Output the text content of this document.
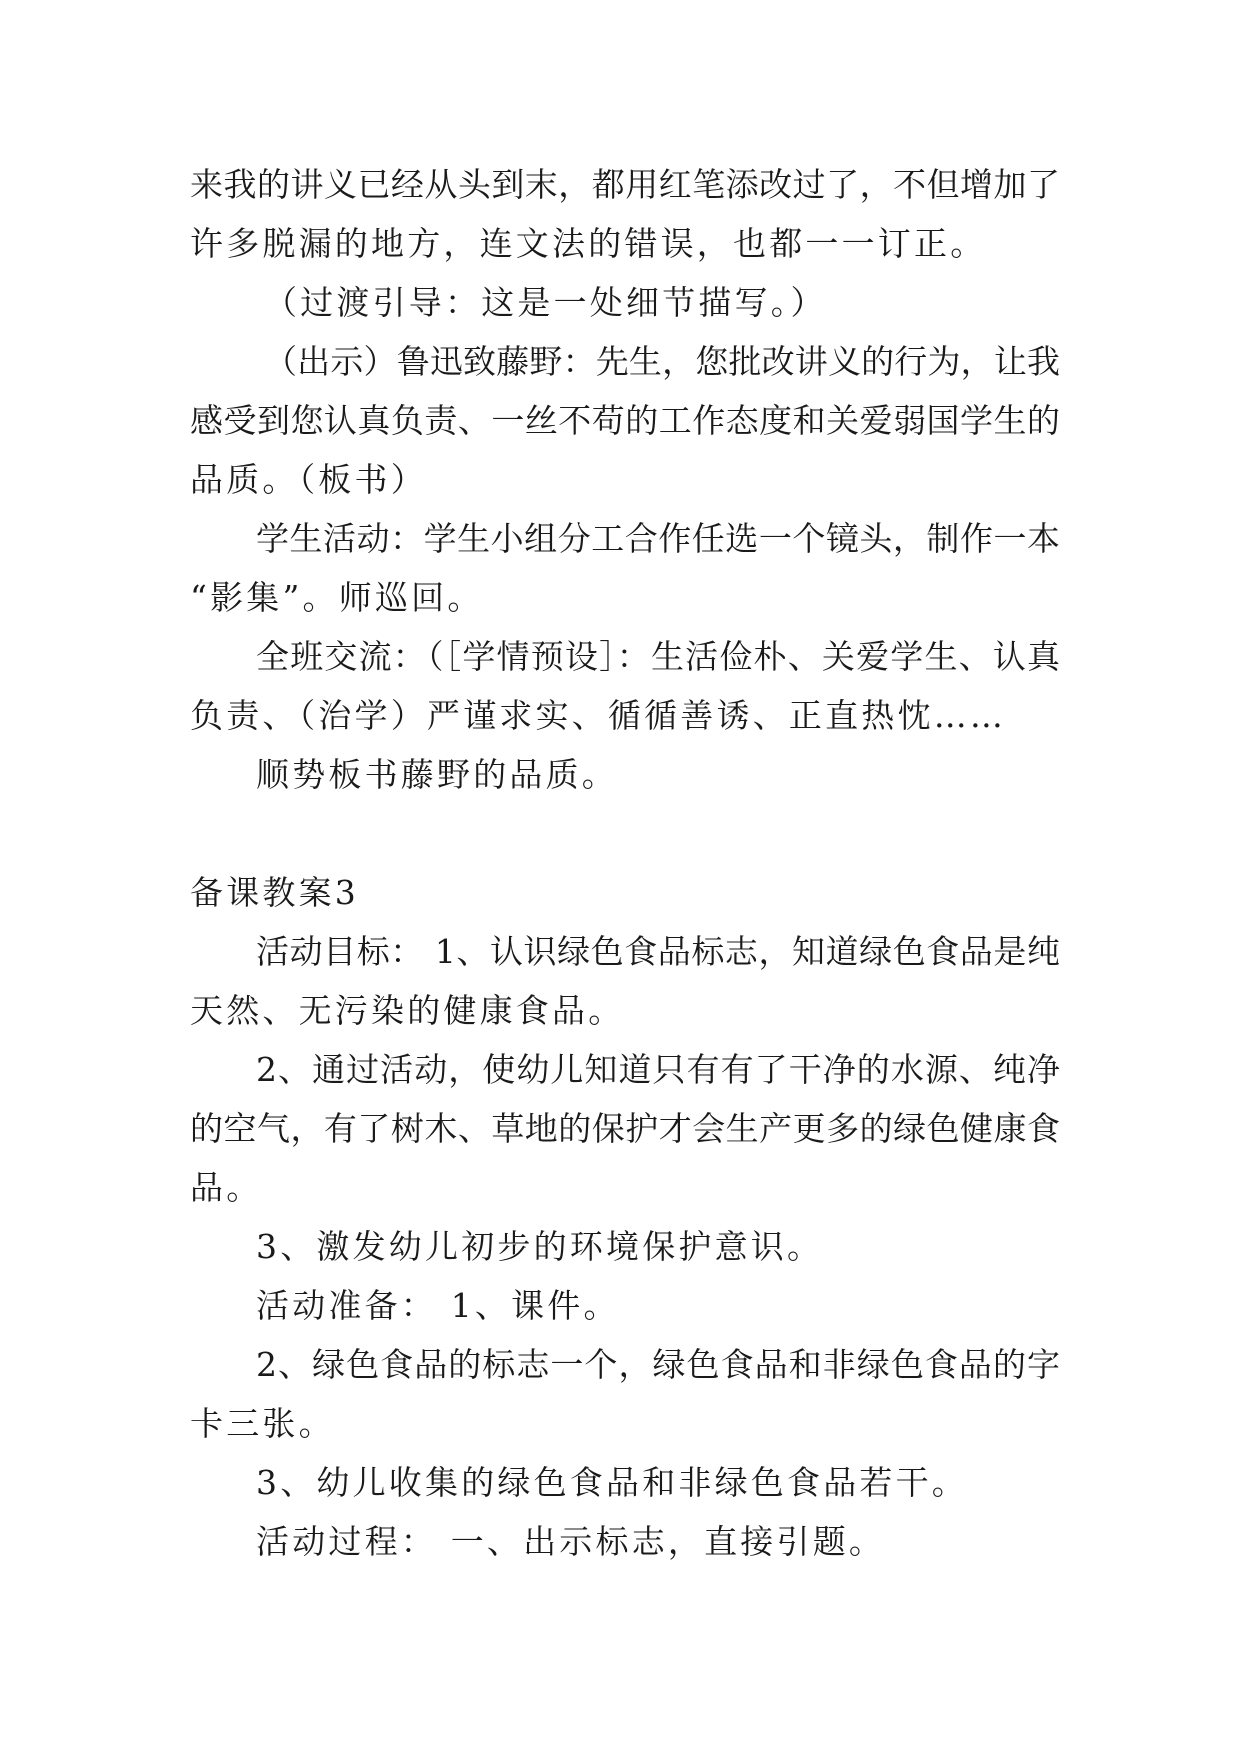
来我的讲义已经从头到末，都用红笔添改过了，不但增加了
许多脱漏的地方，连文法的错误，也都一一订正。
（过渡引导：这是一处细节描写。）
（出示）鲁迅致藤野：先生，您批改讲义的行为，让我
感受到您认真负责、一丝不苟的工作态度和关爱弱国学生的
品质。（板书）
学生活动：学生小组分工合作任选一个镜头，制作一本
“影集”。师巡回。
全班交流：（［学情预设］：生活俭朴、关爱学生、认真
负责、（治学）严谨求实、循循善诱、正直热忱……
顺势板书藤野的品质。
备课教案3
活动目标： 1、认识绿色食品标志，知道绿色食品是纯
天然、无污染的健康食品。
2、通过活动，使幼儿知道只有有了干净的水源、纯净
的空气，有了树木、草地的保护才会生产更多的绿色健康食
品。
3、激发幼儿初步的环境保护意识。
活动准备： 1、课件。
2、绿色食品的标志一个，绿色食品和非绿色食品的字
卡三张。
3、幼儿收集的绿色食品和非绿色食品若干。
活动过程： 一、出示标志，直接引题。
